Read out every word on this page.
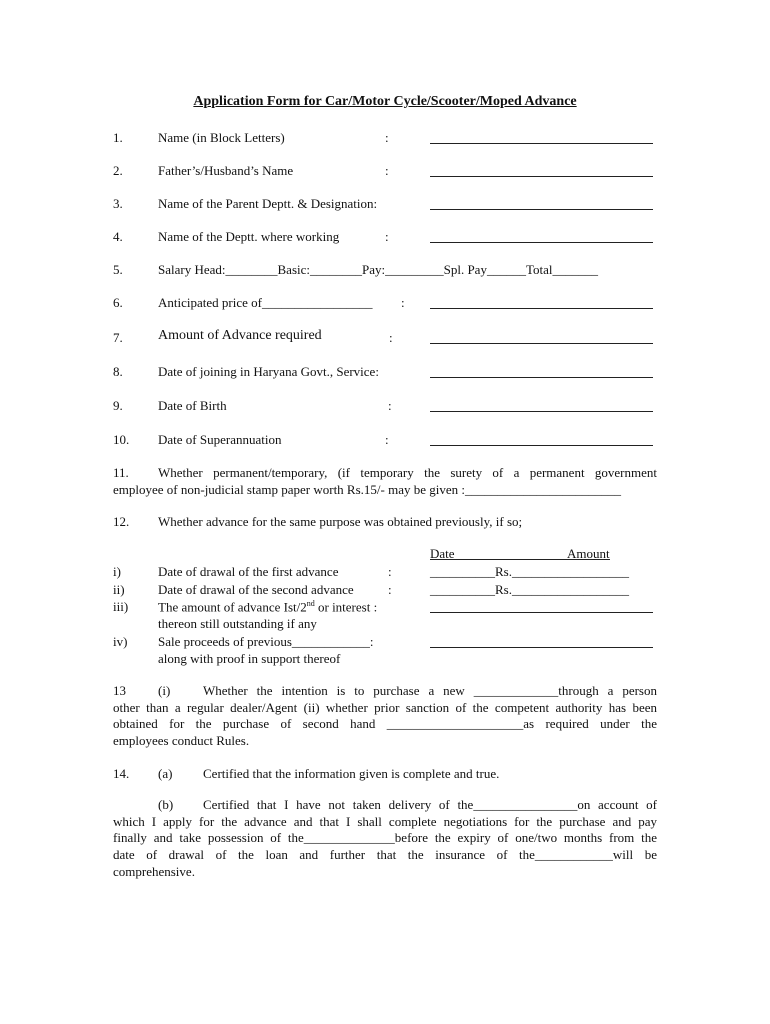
Application Form for Car/Motor Cycle/Scooter/Moped Advance
1.	Name (in Block Letters)	:
2.	Father’s/Husband’s Name	:
3.	Name of the Parent Deptt. & Designation:
4.	Name of the Deptt. where working	:
5.	Salary Head:________Basic:________Pay:_________Spl. Pay______Total_______
6.	Anticipated price of_________________ :
7.	Amount of Advance required	:
8.	Date of joining in Haryana Govt., Service:
9.	Date of Birth	:
10. Date of Superannuation	:
11. Whether permanent/temporary, (if temporary the surety of a permanent government
employee of non-judicial stamp paper worth Rs.15/- may be given :________________________
12. Whether advance for the same purpose was obtained previously, if so;
Date	Amount
i)	Date of drawal of the first advance	:	__________Rs.__________________
ii)	Date of drawal of the second advance	:	__________Rs.__________________
iii) The amount of advance Ist/2nd or interest :
thereon still outstanding if any
iv) Sale proceeds of previous____________:
along with proof in support thereof
13 (i)	Whether the intention is to purchase a new _____________through a person
other than a regular dealer/Agent (ii) whether prior sanction of the competent authority has been
obtained for the purchase of second hand _____________________as required under the
employees conduct Rules.
14. (a) Certified that the information given is complete and true.
(b) Certified that I have not taken delivery of the________________on account of
which I apply for the advance and that I shall complete negotiations for the purchase and pay
finally and take possession of the______________before the expiry of one/two months from the
date of drawal of the loan and further that the insurance of the____________will be
comprehensive.
